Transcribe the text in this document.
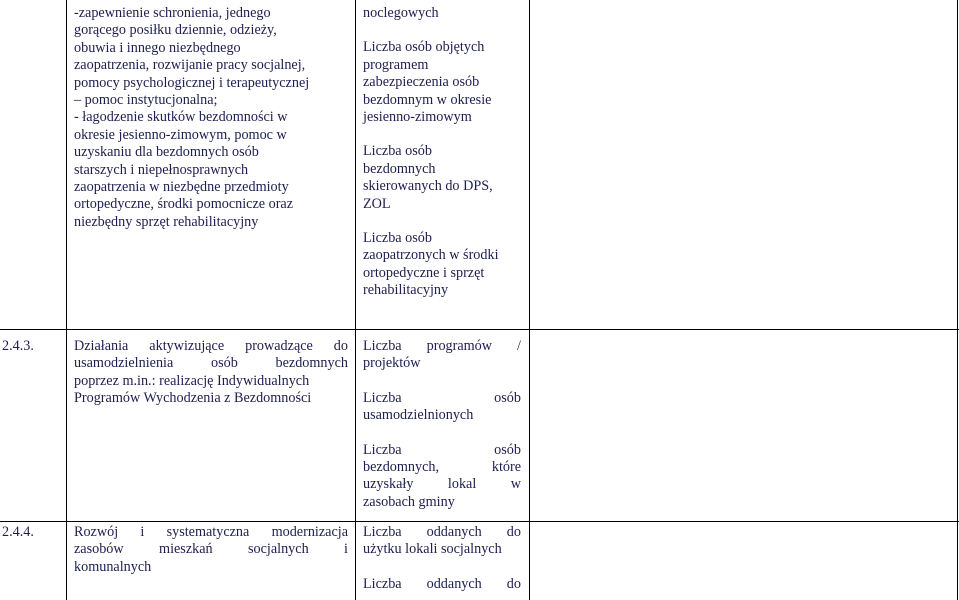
-zapewnienie schronienia, jednego

gorącego posiłku dziennie, odzieży,

obuwia i innego niezbędnego

zaopatrzenia, rozwijanie pracy socjalnej,

pomocy psychologicznej i terapeutycznej

– pomoc instytucjonalna;

- łagodzenie skutków bezdomności w

okresie jesienno-zimowym, pomoc w

uzyskaniu dla bezdomnych osób

starszych i niepełnosprawnych

zaopatrzenia w niezbędne przedmioty

ortopedyczne, środki pomocnicze oraz

niezbędny sprzęt rehabilitacyjny

noclegowych

Liczba osób objętych

programem

zabezpieczenia osób

bezdomnym w okresie

jesienno-zimowym

Liczba osób

bezdomnych

skierowanych do DPS,

ZOL

Liczba osób

zaopatrzonych w środki

ortopedyczne i sprzęt

rehabilitacyjny

2.4.3.	Działania aktywizujące prowadzące do

usamodzielnienia osób bezdomnych

poprzez m.in.: realizację Indywidualnych

Programów Wychodzenia z Bezdomności

Liczba programów /

projektów

Liczba osób

usamodzielnionych

Liczba osób

bezdomnych, które

uzyskały lokal w

zasobach gminy

2.4.4.	Rozwój i systematyczna modernizacja

zasobów mieszkań socjalnych i

komunalnych

Liczba oddanych do

użytku lokali socjalnych

Liczba oddanych do
